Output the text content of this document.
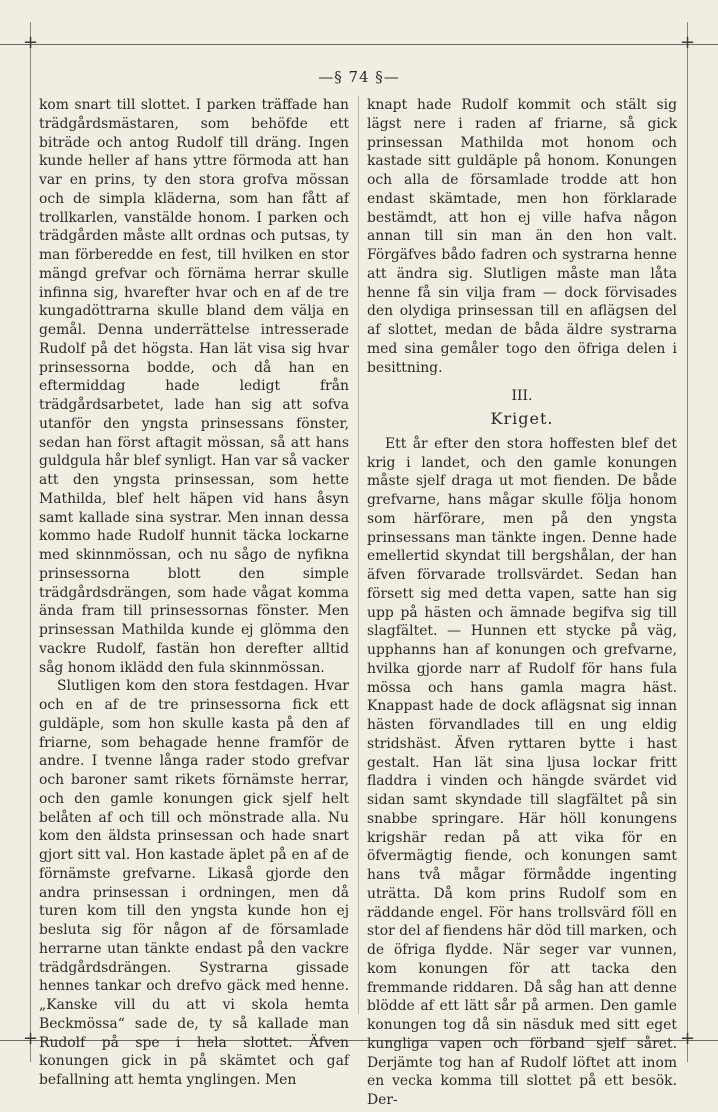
+	+
+	+
—§ 74 §—

kom snart till slottet. I parken träffade han trädgårdsmästaren, som behöfde ett biträde och antog Rudolf till dräng. Ingen kunde heller af hans yttre förmoda att han var en prins, ty den stora grofva mössan och de simpla kläderna, som han fått af trollkarlen, vanstälde honom. I parken och trädgården måste allt ordnas och putsas, ty man förberedde en fest, till hvilken en stor mängd grefvar och förnäma herrar skulle infinna sig, hvarefter hvar och en af de tre kungadöttrarna skulle bland dem välja en gemål. Denna underrättelse intresserade Rudolf på det högsta. Han lät visa sig hvar prinsessorna bodde, och då han en eftermiddag hade ledigt från trädgårdsarbetet, lade han sig att sofva utanför den yngsta prinsessans fönster, sedan han först aftagit mössan, så att hans guldgula hår blef synligt. Han var så vacker att den yngsta prinsessan, som hette Mathilda, blef helt häpen vid hans åsyn samt kallade sina systrar. Men innan dessa kommo hade Rudolf hunnit täcka lockarne med skinnmössan, och nu sågo de nyfikna prinsessorna blott den simple trädgårdsdrängen, som hade vågat komma ända fram till prinsessornas fönster. Men prinsessan Mathilda kunde ej glömma den vackre Rudolf, fastän hon derefter alltid såg honom iklädd den fula skinnmössan.

Slutligen kom den stora festdagen. Hvar och en af de tre prinsessorna fick ett guldäple, som hon skulle kasta på den af friarne, som behagade henne framför de andre. I tvenne långa rader stodo grefvar och baroner samt rikets förnämste herrar, och den gamle konungen gick sjelf helt belåten af och till och mönstrade alla. Nu kom den äldsta prinsessan och hade snart gjort sitt val. Hon kastade äplet på en af de förnämste grefvarne. Likaså gjorde den andra prinsessan i ordningen, men då turen kom till den yngsta kunde hon ej besluta sig för någon af de församlade herrarne utan tänkte endast på den vackre trädgårdsdrängen. Systrarna gissade hennes tankar och drefvo gäck med henne. „Kanske vill du att vi skola hemta Beckmössa“ sade de, ty så kallade man Rudolf på spe i hela slottet. Äfven konungen gick in på skämtet och gaf befallning att hemta ynglingen. Men

knapt hade Rudolf kommit och stält sig lägst nere i raden af friarne, så gick prinsessan Mathilda mot honom och kastade sitt guldäple på honom. Konungen och alla de församlade trodde att hon endast skämtade, men hon förklarade bestämdt, att hon ej ville hafva någon annan till sin man än den hon valt. Förgäfves bådo fadren och systrarna henne att ändra sig. Slutligen måste man låta henne få sin vilja fram — dock förvisades den olydiga prinsessan till en aflägsen del af slottet, medan de båda äldre systrarna med sina gemåler togo den öfriga delen i besittning.

III.
Kriget.

Ett år efter den stora hoffesten blef det krig i landet, och den gamle konungen måste sjelf draga ut mot fienden. De både grefvarne, hans mågar skulle följa honom som härförare, men på den yngsta prinsessans man tänkte ingen. Denne hade emellertid skyndat till bergshålan, der han äfven förvarade trollsvärdet. Sedan han försett sig med detta vapen, satte han sig upp på hästen och ämnade begifva sig till slagfältet. — Hunnen ett stycke på väg, upphanns han af konungen och grefvarne, hvilka gjorde narr af Rudolf för hans fula mössa och hans gamla magra häst. Knappast hade de dock aflägsnat sig innan hästen förvandlades till en ung eldig stridshäst. Äfven ryttaren bytte i hast gestalt. Han lät sina ljusa lockar fritt fladdra i vinden och hängde svärdet vid sidan samt skyndade till slagfältet på sin snabbe springare. Här höll konungens krigshär redan på att vika för en öfvermägtig fiende, och konungen samt hans två mågar förmådde ingenting uträtta. Då kom prins Rudolf som en räddande engel. För hans trollsvärd föll en stor del af fiendens här död till marken, och de öfriga flydde. När seger var vunnen, kom konungen för att tacka den fremmande riddaren. Då såg han att denne blödde af ett lätt sår på armen. Den gamle konungen tog då sin näsduk med sitt eget kungliga vapen och förband sjelf såret. Derjämte tog han af Rudolf löftet att inom en vecka komma till slottet på ett besök. Der-
